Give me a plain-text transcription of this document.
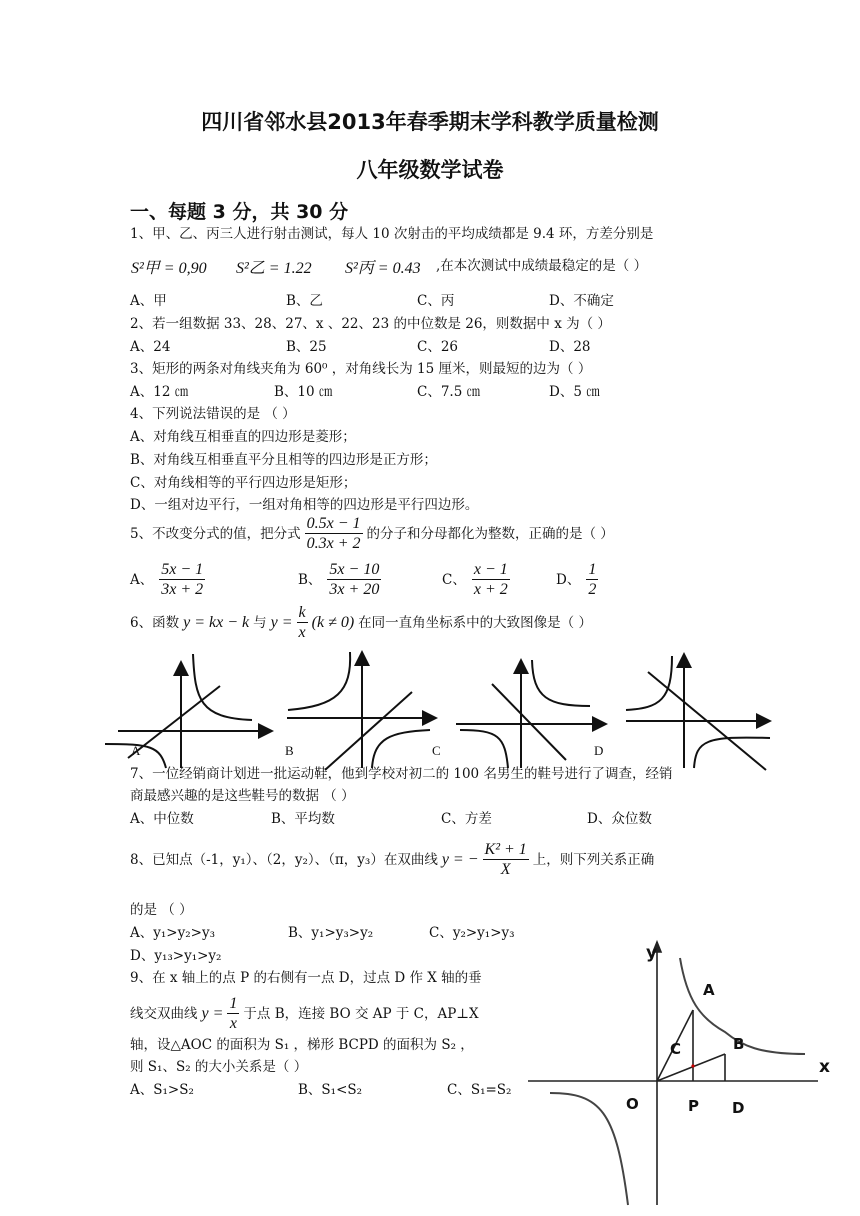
四川省邻水县2013年春季期末学科教学质量检测
八年级数学试卷
一、每题 3 分，共 30 分
1、甲、乙、丙三人进行射击测试，每人 10 次射击的平均成绩都是 9.4 环，方差分别是
S²甲 = 0,90 S²乙 = 1.22 S²丙 = 0.43 ,在本次测试中成绩最稳定的是（ ）
A、甲	B、乙	C、丙	D、不确定
2、若一组数据 33、28、27、x 、22、23 的中位数是 26，则数据中 x 为（ ）
A、24	B、25	C、26	D、28
3、矩形的两条对角线夹角为 60⁰ ，对角线长为 15 厘米，则最短的边为（ ）
A、12 ㎝	B、10 ㎝	C、7.5 ㎝	D、5 ㎝
4、下列说法错误的是 （ ）
A、对角线互相垂直的四边形是菱形；
B、对角线互相垂直平分且相等的四边形是正方形；
C、对角线相等的平行四边形是矩形；
D、一组对边平行，一组对角相等的四边形是平行四边形。
5、不改变分式的值，把分式 $\frac{0.5x - 1}{0.3x + 2}$ 的分子和分母都化为整数，正确的是（ ）
A、 $\frac{5x - 1}{3x + 2}$	B、 $\frac{5x - 10}{3x + 20}$	C、 $\frac{x - 1}{x + 2}$	D、 $\frac{1}{2}$
6、函数 y = kx − k 与 $y = \frac{k}{x} (k \ne 0)$ 在同一直角坐标系中的大致图像是（ ）
A	B	C	D
7、一位经销商计划进一批运动鞋，他到学校对初二的 100 名男生的鞋号进行了调查，经销
商最感兴趣的是这些鞋号的数据 （ ）
A、中位数	B、平均数	C、方差	D、众位数
8、已知点（-1，y₁）、（2，y₂）、（π，y₃）在双曲线 y = − $\frac{\text{K² + 1}}{X}$ 上，则下列关系正确
的是 （ ）
A、y₁>y₂>y₃	B、y₁>y₃>y₂	C、y₂>y₁>y₃
D、y₁₃>y₁>y₂
9、在 x 轴上的点 P 的右侧有一点 D，过点 D 作 X 轴的垂
线交双曲线 $y = \frac{1}{x}$ 于点 B，连接 BO 交 AP 于 C，AP⊥X
轴，设△AOC 的面积为 S₁ ，梯形 BCPD 的面积为 S₂ ，
则 S₁、S₂ 的大小关系是（ ）
A、S₁>S₂	B、S₁<S₂	C、S₁=S₂
y
x
A
B
C
O	P D
